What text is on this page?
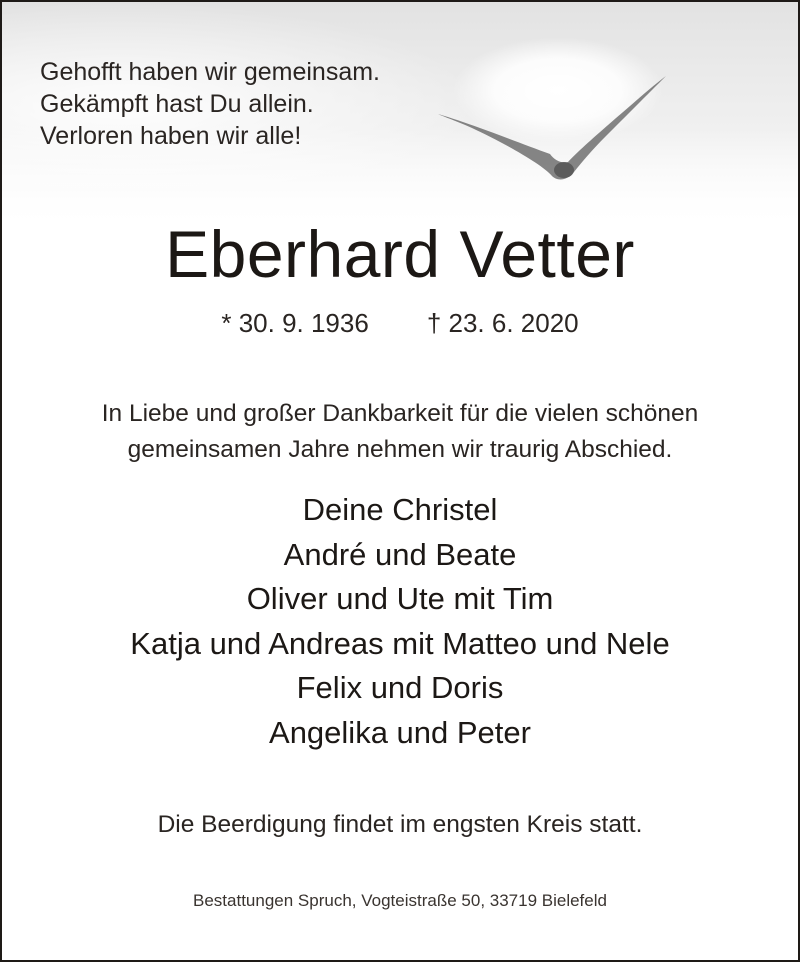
Gehofft haben wir gemeinsam.
Gekämpft hast Du allein.
Verloren haben wir alle!
Eberhard Vetter
* 30. 9. 1936 † 23. 6. 2020
In Liebe und großer Dankbarkeit für die vielen schönen
gemeinsamen Jahre nehmen wir traurig Abschied.
Deine Christel
André und Beate
Oliver und Ute mit Tim
Katja und Andreas mit Matteo und Nele
Felix und Doris
Angelika und Peter
Die Beerdigung findet im engsten Kreis statt.
Bestattungen Spruch, Vogteistraße 50, 33719 Bielefeld
